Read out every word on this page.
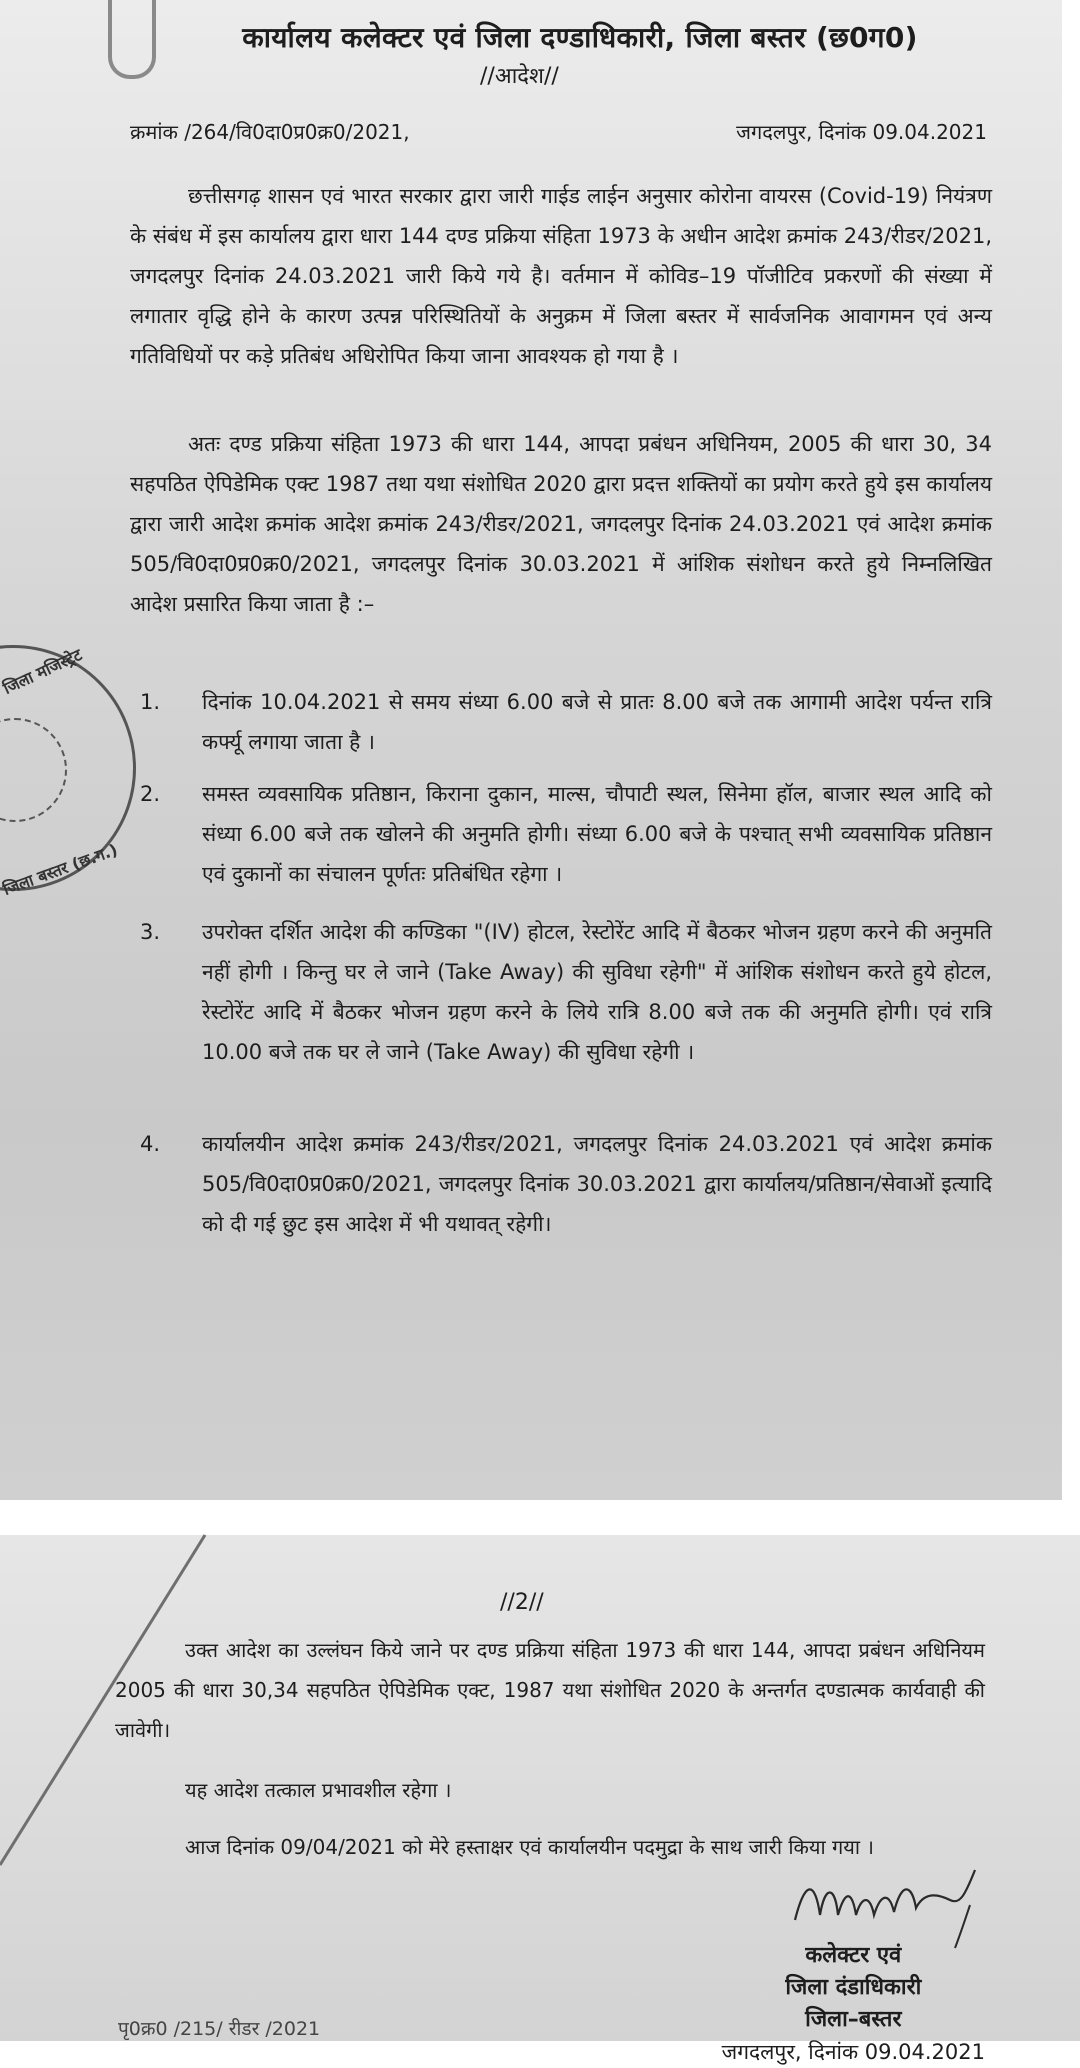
कार्यालय कलेक्टर एवं जिला दण्डाधिकारी, जिला बस्तर (छ0ग0)
//आदेश//
क्रमांक /264/वि0दा0प्र0क्र0/2021,	जगदलपुर, दिनांक 09.04.2021
छत्तीसगढ़ शासन एवं भारत सरकार द्वारा जारी गाईड लाईन अनुसार कोरोना वायरस (Covid-19) नियंत्रण के संबंध में इस कार्यालय द्वारा धारा 144 दण्ड प्रक्रिया संहिता 1973 के अधीन आदेश क्रमांक 243/रीडर/2021, जगदलपुर दिनांक 24.03.2021 जारी किये गये है। वर्तमान में कोविड–19 पॉजीटिव प्रकरणों की संख्या में लगातार वृद्धि होने के कारण उत्पन्न परिस्थितियों के अनुक्रम में जिला बस्तर में सार्वजनिक आवागमन एवं अन्य गतिविधियों पर कड़े प्रतिबंध अधिरोपित किया जाना आवश्यक हो गया है ।
अतः दण्ड प्रक्रिया संहिता 1973 की धारा 144, आपदा प्रबंधन अधिनियम, 2005 की धारा 30, 34 सहपठित ऐपिडेमिक एक्ट 1987 तथा यथा संशोधित 2020 द्वारा प्रदत्त शक्तियों का प्रयोग करते हुये इस कार्यालय द्वारा जारी आदेश क्रमांक आदेश क्रमांक 243/रीडर/2021, जगदलपुर दिनांक 24.03.2021 एवं आदेश क्रमांक 505/वि0दा0प्र0क्र0/2021, जगदलपुर दिनांक 30.03.2021 में आंशिक संशोधन करते हुये निम्नलिखित आदेश प्रसारित किया जाता है :–
1.	दिनांक 10.04.2021 से समय संध्या 6.00 बजे से प्रातः 8.00 बजे तक आगामी आदेश पर्यन्त रात्रि कर्फ्यू लगाया जाता है ।
2.	समस्त व्यवसायिक प्रतिष्ठान, किराना दुकान, माल्स, चौपाटी स्थल, सिनेमा हॉल, बाजार स्थल आदि को संध्या 6.00 बजे तक खोलने की अनुमति होगी। संध्या 6.00 बजे के पश्चात् सभी व्यवसायिक प्रतिष्ठान एवं दुकानों का संचालन पूर्णतः प्रतिबंधित रहेगा ।
3.	उपरोक्त दर्शित आदेश की कण्डिका "(IV) होटल, रेस्टोरेंट आदि में बैठकर भोजन ग्रहण करने की अनुमति नहीं होगी । किन्तु घर ले जाने (Take Away) की सुविधा रहेगी" में आंशिक संशोधन करते हुये होटल, रेस्टोरेंट आदि में बैठकर भोजन ग्रहण करने के लिये रात्रि 8.00 बजे तक की अनुमति होगी। एवं रात्रि 10.00 बजे तक घर ले जाने (Take Away) की सुविधा रहेगी ।
4.	कार्यालयीन आदेश क्रमांक 243/रीडर/2021, जगदलपुर दिनांक 24.03.2021 एवं आदेश क्रमांक 505/वि0दा0प्र0क्र0/2021, जगदलपुर दिनांक 30.03.2021 द्वारा कार्यालय/प्रतिष्ठान/सेवाओं इत्यादि को दी गई छुट इस आदेश में भी यथावत् रहेगी।
जिला मजिस्ट्रेट
जिला बस्तर (छ.ग.)
//2//
उक्त आदेश का उल्लंघन किये जाने पर दण्ड प्रक्रिया संहिता 1973 की धारा 144, आपदा प्रबंधन अधिनियम 2005 की धारा 30,34 सहपठित ऐपिडेमिक एक्ट, 1987 यथा संशोधित 2020 के अन्तर्गत दण्डात्मक कार्यवाही की जावेगी।
यह आदेश तत्काल प्रभावशील रहेगा ।
आज दिनांक 09/04/2021 को मेरे हस्ताक्षर एवं कार्यालयीन पदमुद्रा के साथ जारी किया गया ।
कलेक्टर एवं
जिला दंडाधिकारी
जिला–बस्तर
जगदलपुर, दिनांक 09.04.2021
पृ0क्र0 /215/ रीडर /2021
